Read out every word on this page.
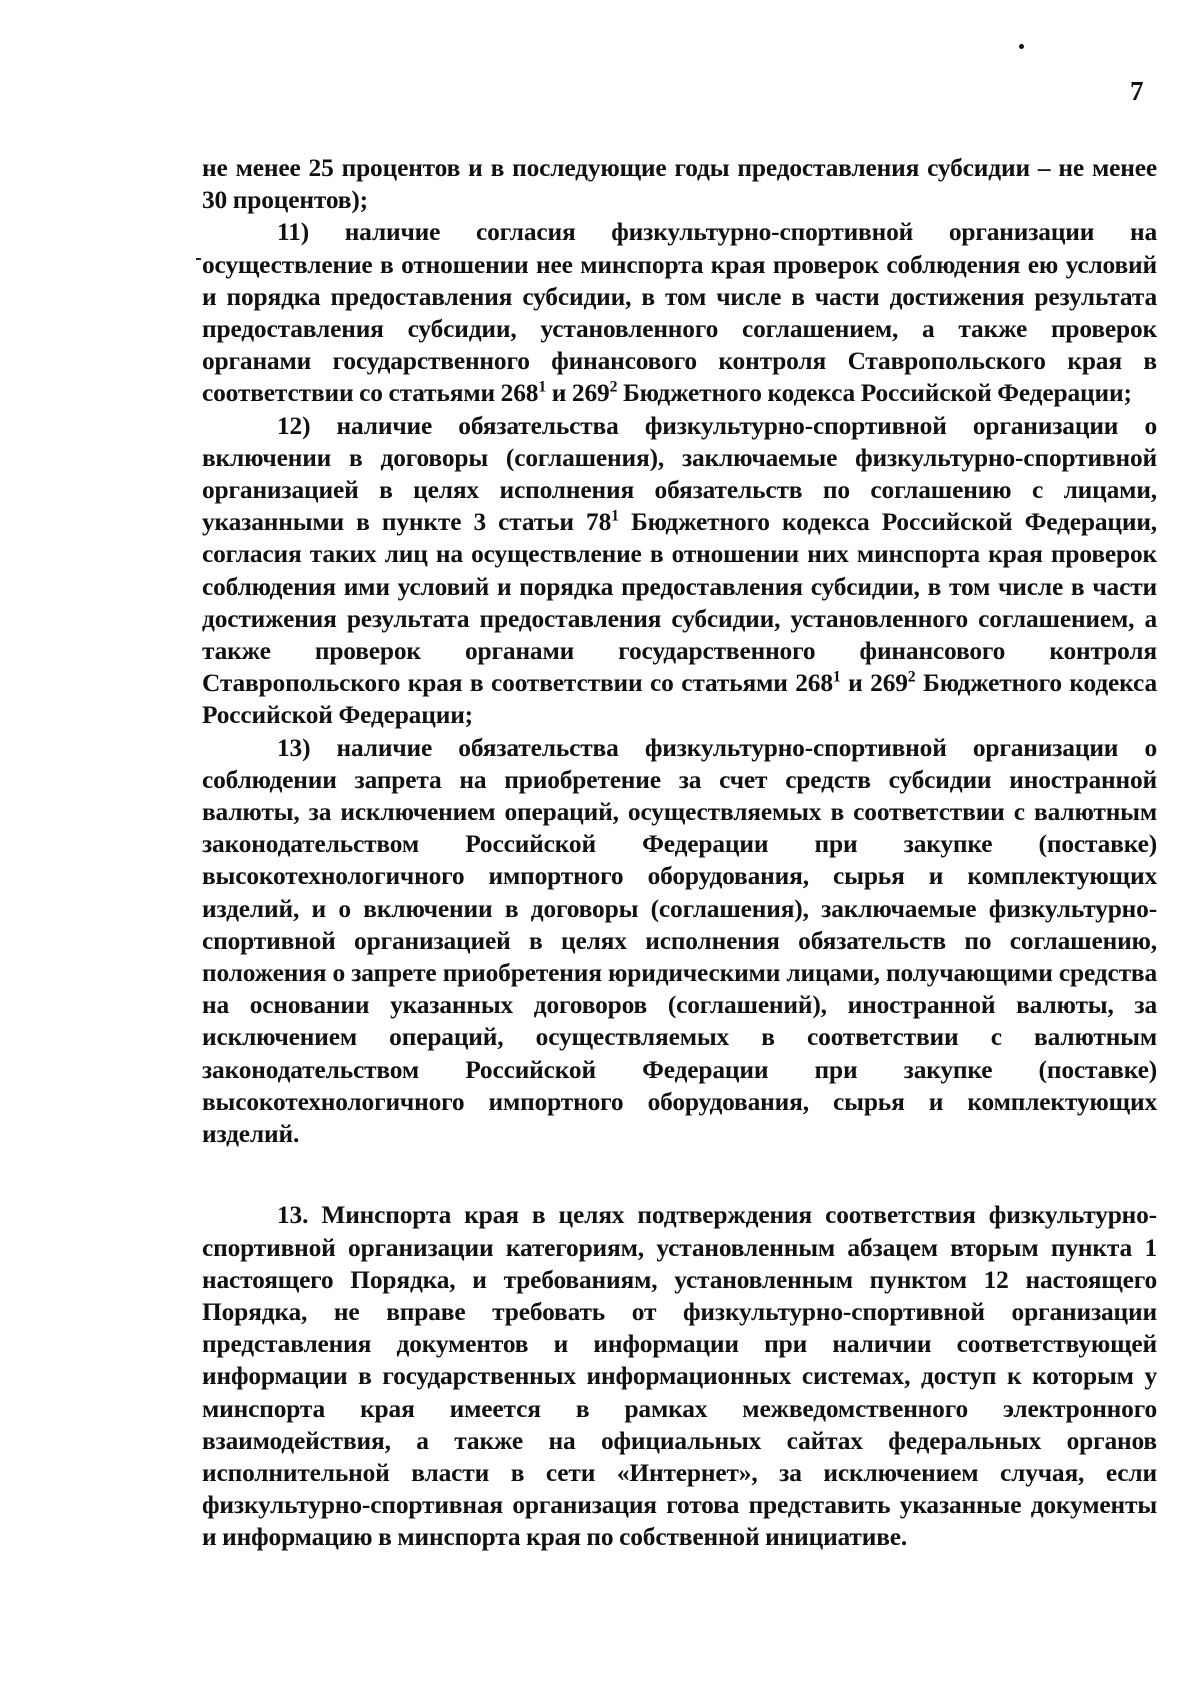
7

не менее 25 процентов и в последующие годы предоставления субсидии – не менее 30 процентов);

11) наличие согласия физкультурно-спортивной организации на осуществление в отношении нее минспорта края проверок соблюдения ею условий и порядка предоставления субсидии, в том числе в части достижения результата предоставления субсидии, установленного соглашением, а также проверок органами государственного финансового контроля Ставропольского края в соответствии со статьями $268^1$ и $269^2$ Бюджетного кодекса Российской Федерации;

12) наличие обязательства физкультурно-спортивной организации о включении в договоры (соглашения), заключаемые физкультурно-спортивной организацией в целях исполнения обязательств по соглашению с лицами, указанными в пункте 3 статьи $78^1$ Бюджетного кодекса Российской Федерации, согласия таких лиц на осуществление в отношении них минспорта края проверок соблюдения ими условий и порядка предоставления субсидии, в том числе в части достижения результата предоставления субсидии, установленного соглашением, а также проверок органами государственного финансового контроля Ставропольского края в соответствии со статьями $268^1$ и $269^2$ Бюджетного кодекса Российской Федерации;

13) наличие обязательства физкультурно-спортивной организации о соблюдении запрета на приобретение за счет средств субсидии иностранной валюты, за исключением операций, осуществляемых в соответствии с валютным законодательством Российской Федерации при закупке (поставке) высокотехнологичного импортного оборудования, сырья и комплектующих изделий, и о включении в договоры (соглашения), заключаемые физкультурно-спортивной организацией в целях исполнения обязательств по соглашению, положения о запрете приобретения юридическими лицами, получающими средства на основании указанных договоров (соглашений), иностранной валюты, за исключением операций, осуществляемых в соответствии с валютным законодательством Российской Федерации при закупке (поставке) высокотехнологичного импортного оборудования, сырья и комплектующих изделий.

13. Минспорта края в целях подтверждения соответствия физкультурно-спортивной организации категориям, установленным абзацем вторым пункта 1 настоящего Порядка, и требованиям, установленным пунктом 12 настоящего Порядка, не вправе требовать от физкультурно-спортивной организации представления документов и информации при наличии соответствующей информации в государственных информационных системах, доступ к которым у минспорта края имеется в рамках межведомственного электронного взаимодействия, а также на официальных сайтах федеральных органов исполнительной власти в сети «Интернет», за исключением случая, если физкультурно-спортивная организация готова представить указанные документы и информацию в минспорта края по собственной инициативе.
